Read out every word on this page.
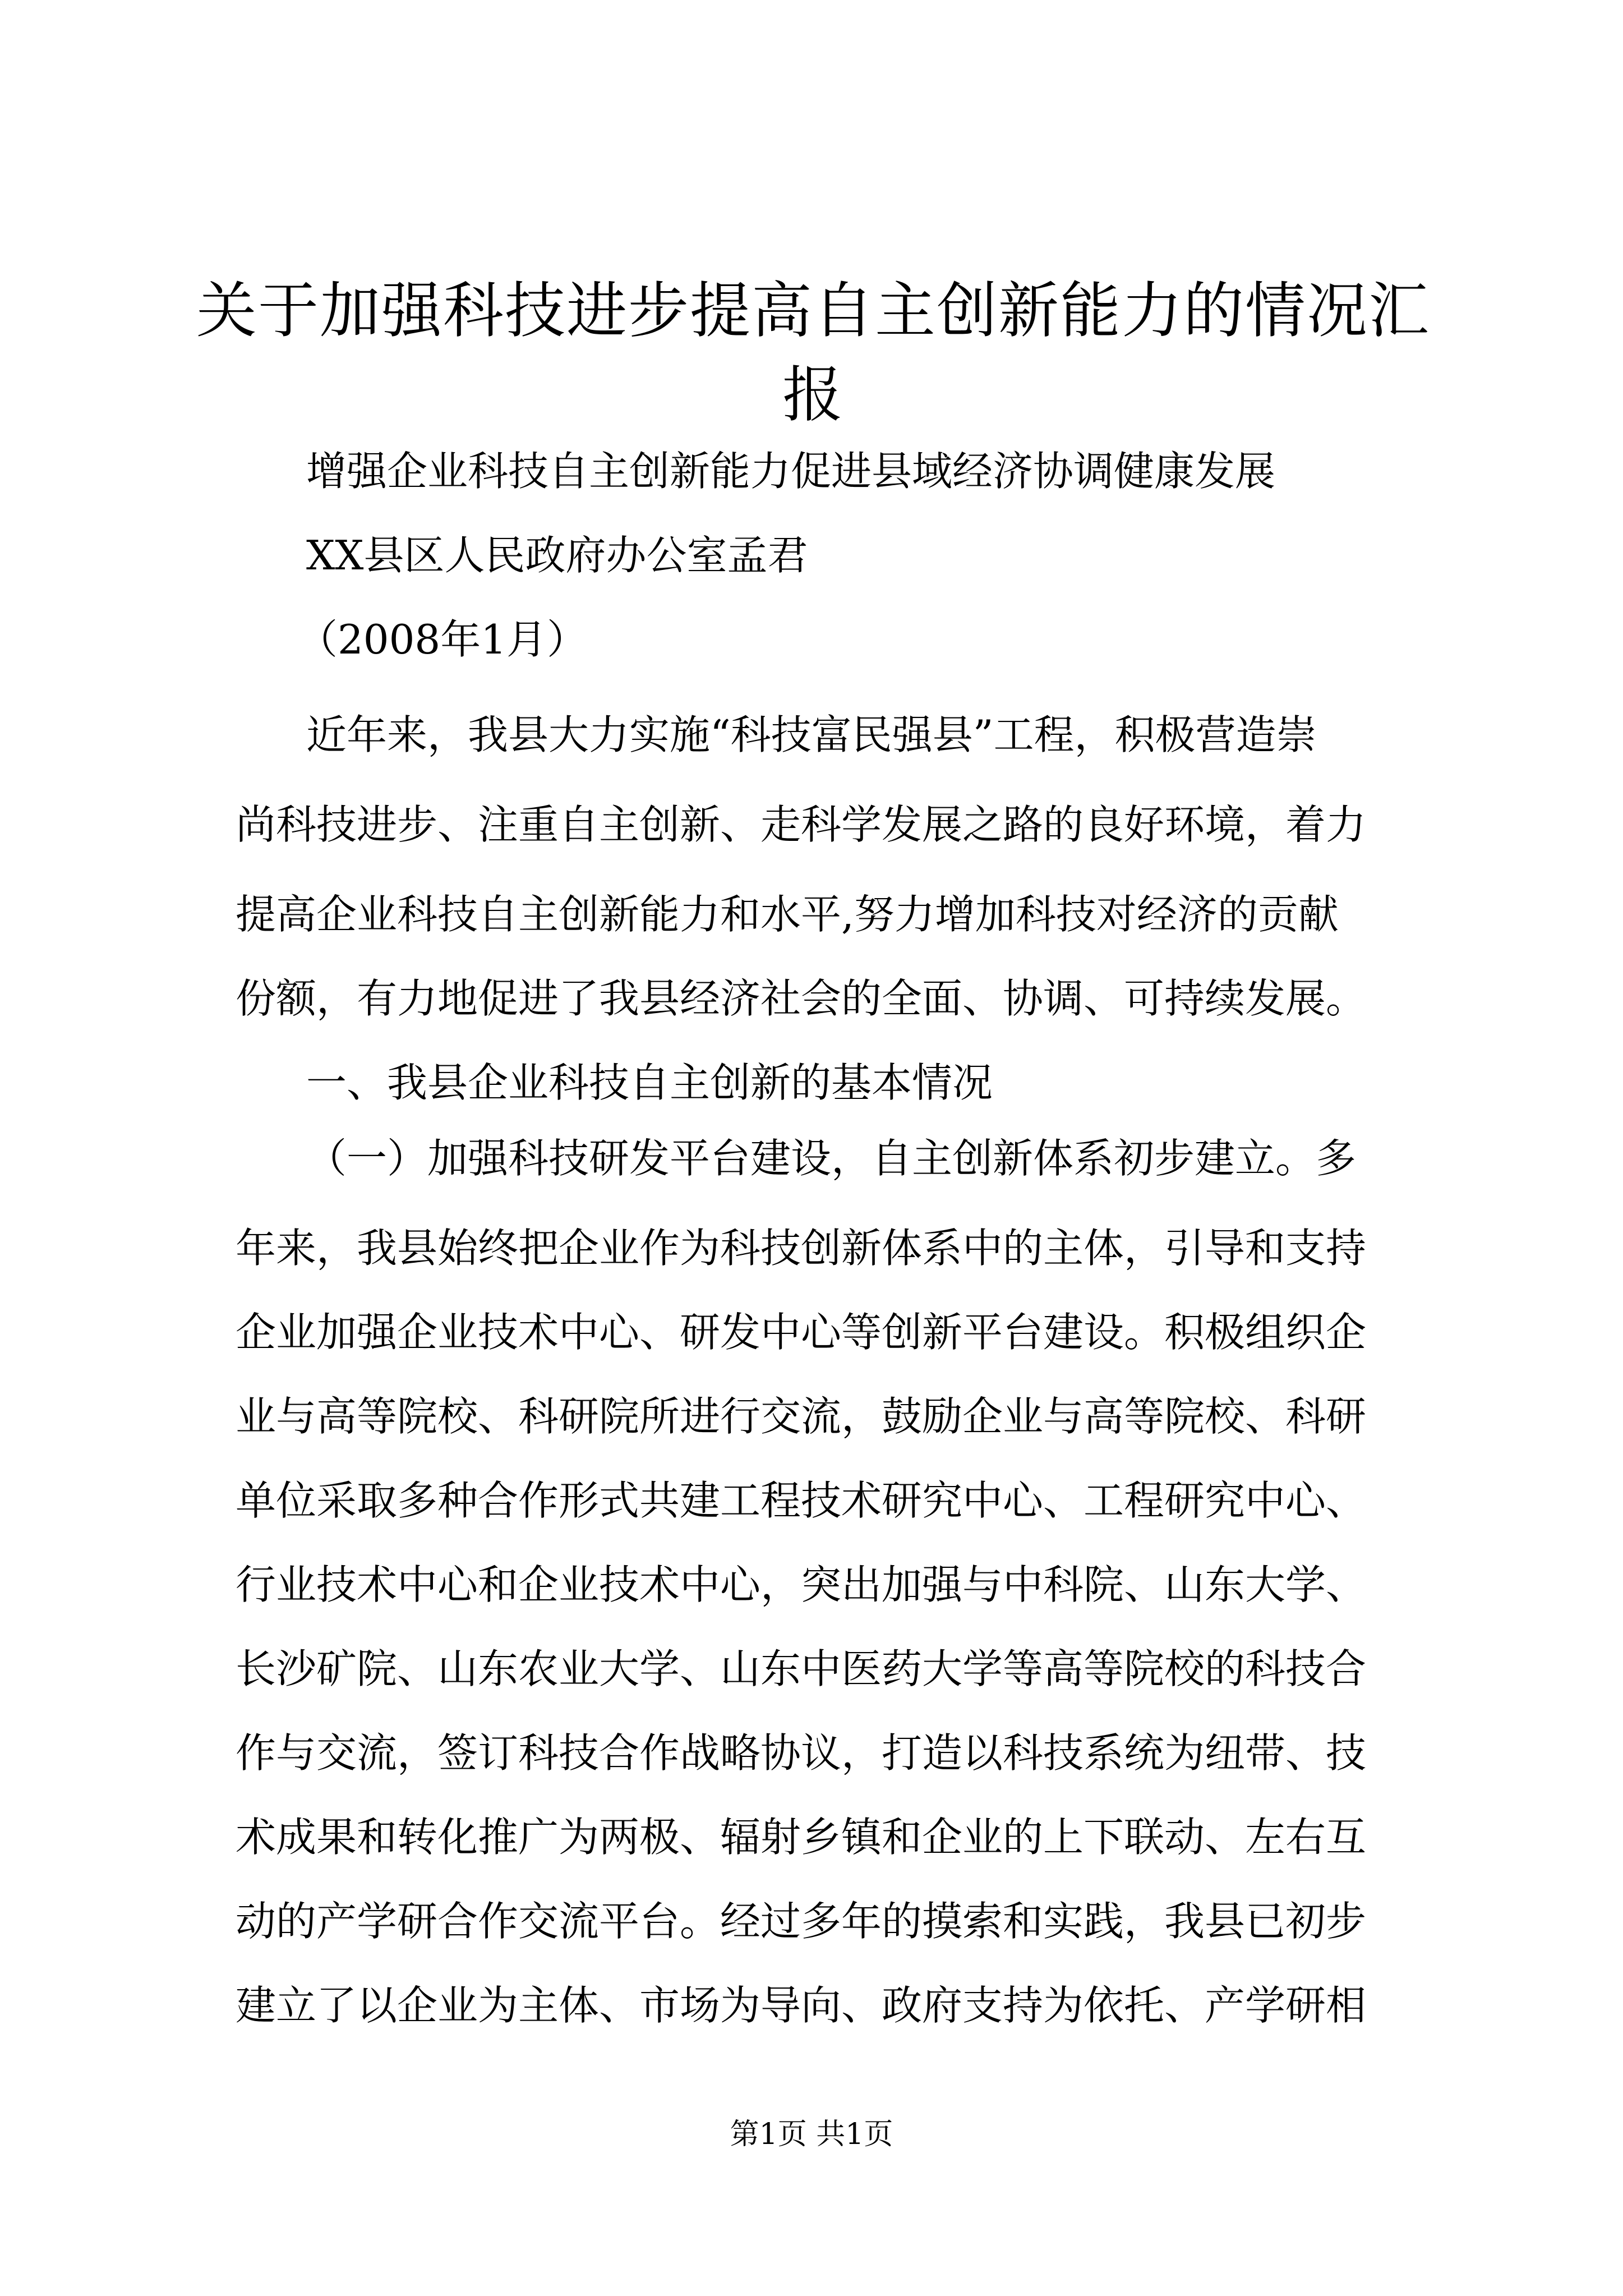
关于加强科技进步提高自主创新能力的情况汇
报
增强企业科技自主创新能力促进县域经济协调健康发展
XX县区人民政府办公室孟君
（2008年1月）
近年来，我县大力实施“科技富民强县”工程，积极营造崇
尚科技进步、注重自主创新、走科学发展之路的良好环境，着力
提高企业科技自主创新能力和水平,努力增加科技对经济的贡献
份额，有力地促进了我县经济社会的全面、协调、可持续发展。
一、我县企业科技自主创新的基本情况
（一）加强科技研发平台建设，自主创新体系初步建立。多
年来，我县始终把企业作为科技创新体系中的主体，引导和支持
企业加强企业技术中心、研发中心等创新平台建设。积极组织企
业与高等院校、科研院所进行交流，鼓励企业与高等院校、科研
单位采取多种合作形式共建工程技术研究中心、工程研究中心、
行业技术中心和企业技术中心，突出加强与中科院、山东大学、
长沙矿院、山东农业大学、山东中医药大学等高等院校的科技合
作与交流，签订科技合作战略协议，打造以科技系统为纽带、技
术成果和转化推广为两极、辐射乡镇和企业的上下联动、左右互
动的产学研合作交流平台。经过多年的摸索和实践，我县已初步
建立了以企业为主体、市场为导向、政府支持为依托、产学研相
第1页 共1页
